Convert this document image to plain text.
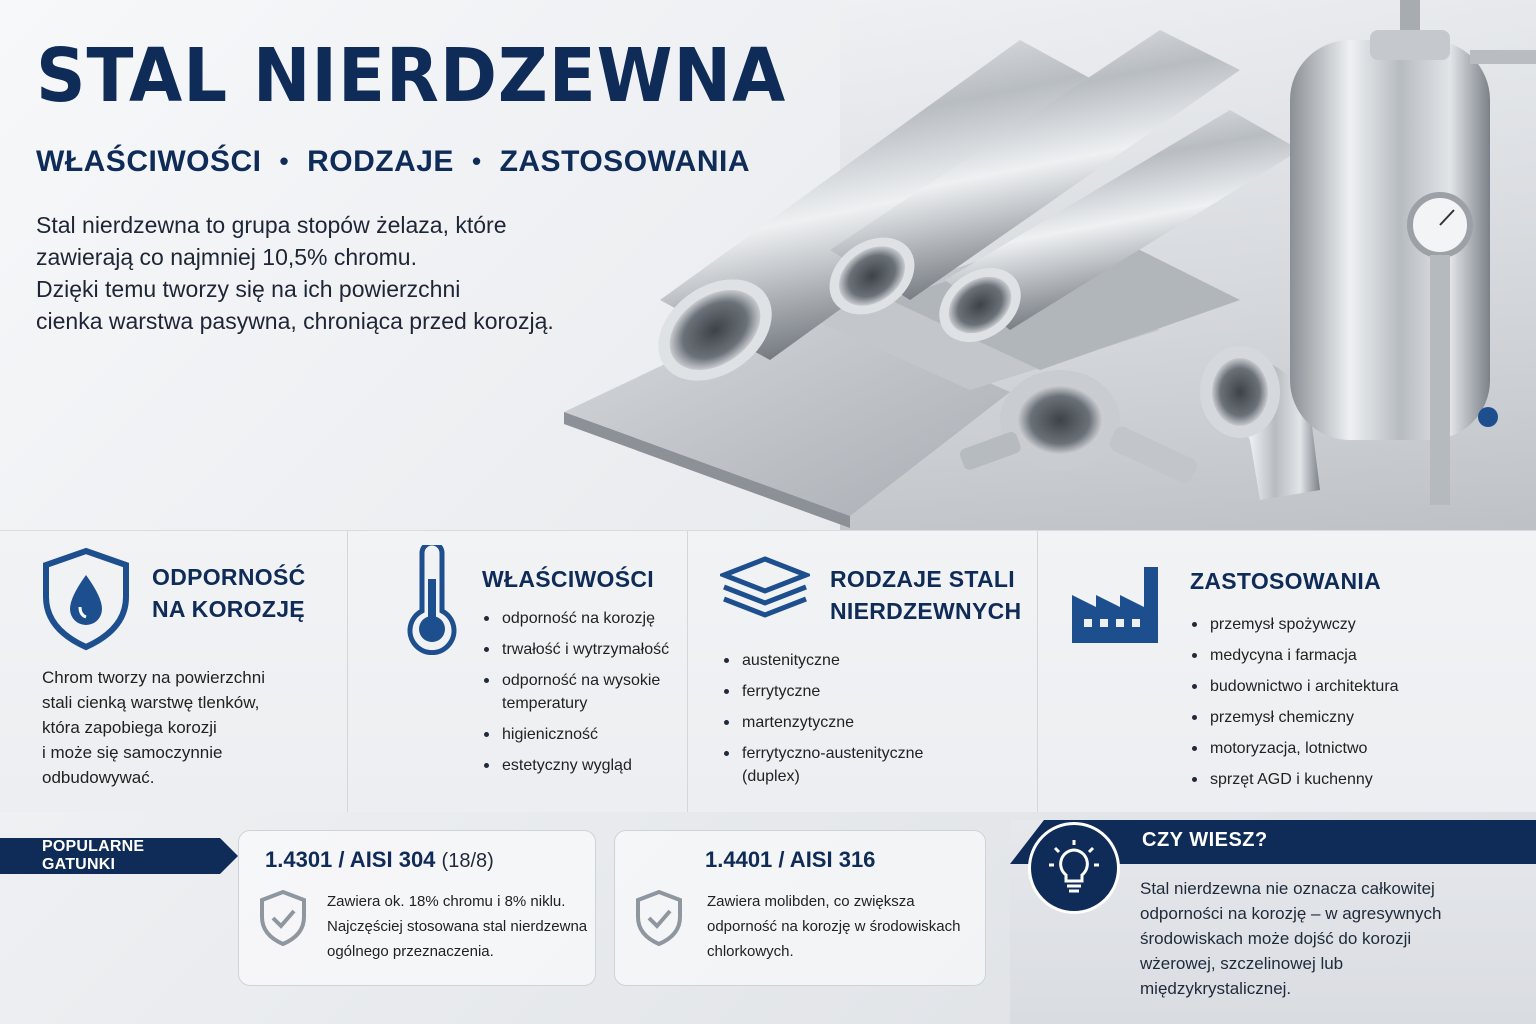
STAL NIERDZEWNA
WŁAŚCIWOŚCI • RODZAJE • ZASTOSOWANIA
Stal nierdzewna to grupa stopów żelaza, które
zawierają co najmniej 10,5% chromu.
Dzięki temu tworzy się na ich powierzchni
cienka warstwa pasywna, chroniąca przed korozją.
ODPORNOŚĆ
NA KOROZJĘ
Chrom tworzy na powierzchni
stali cienką warstwę tlenków,
która zapobiega korozji
i może się samoczynnie
odbudowywać.
WŁAŚCIWOŚCI
odporność na korozję
trwałość i wytrzymałość
odporność na wysokie
temperatury
higieniczność
estetyczny wygląd
RODZAJE STALI
NIERDZEWNYCH
austenityczne
ferrytyczne
martenzytyczne
ferrytyczno-austenityczne
(duplex)
ZASTOSOWANIA
przemysł spożywczy
medycyna i farmacja
budownictwo i architektura
przemysł chemiczny
motoryzacja, lotnictwo
sprzęt AGD i kuchenny
POPULARNE GATUNKI	1.4301 / AISI 304 (18/8)
Zawiera ok. 18% chromu i 8% niklu.
Najczęściej stosowana stal nierdzewna
ogólnego przeznaczenia.
1.4401 / AISI 316
Zawiera molibden, co zwiększa
odporność na korozję w środowiskach
chlorkowych.
CZY WIESZ?
Stal nierdzewna nie oznacza całkowitej
odporności na korozję – w agresywnych
środowiskach może dojść do korozji
wżerowej, szczelinowej lub
międzykrystalicznej.
